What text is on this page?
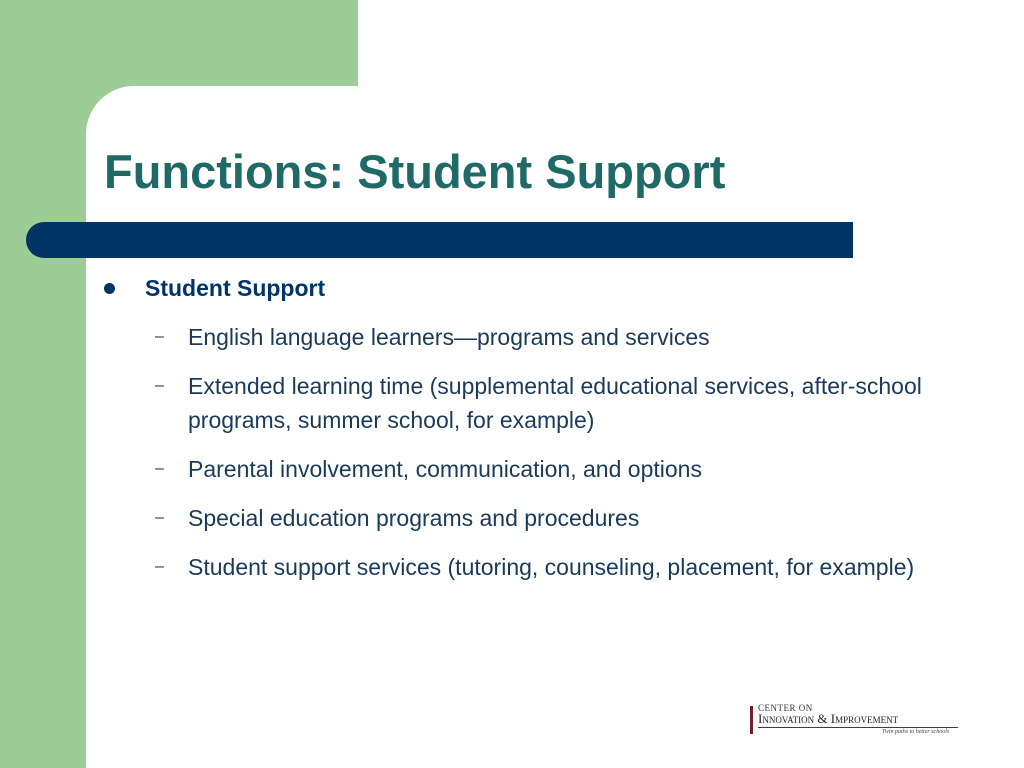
Functions: Student Support
Student Support
–	English language learners—programs and services
–	Extended learning time (supplemental educational services, after-school programs, summer school, for example)
–	Parental involvement, communication, and options
–	Special education programs and procedures
–	Student support services (tutoring, counseling, placement, for example)
CENTER ON
Innovation & Improvement
Twin paths to better schools
